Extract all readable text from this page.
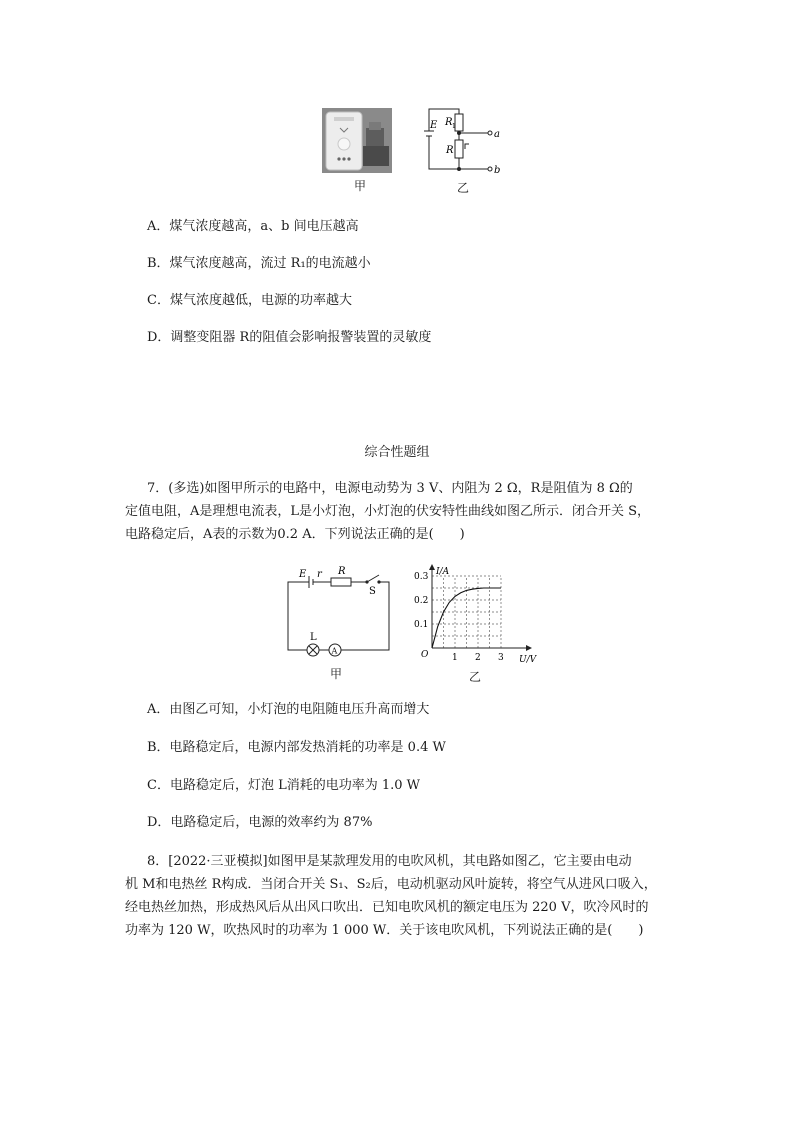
甲
E R 1
R
a
b
乙
A．煤气浓度越高，a、b 间电压越高
B．煤气浓度越高，流过 R₁的电流越小
C．煤气浓度越低，电源的功率越大
D．调整变阻器 R的阻值会影响报警装置的灵敏度
综合性题组

7．(多选)如图甲所示的电路中，电源电动势为 3 V、内阻为 2 Ω，R是阻值为 8 Ω的

定值电阻，A是理想电流表，L是小灯泡，小灯泡的伏安特性曲线如图乙所示．闭合开关 S，

电路稳定后，A表的示数为0.2 A．下列说法正确的是(　　)

E r R
S
L
A
甲
I/A
U/V
O	1 2 3
0.1
0.2
0.3
乙
A．由图乙可知，小灯泡的电阻随电压升高而增大
B．电路稳定后，电源内部发热消耗的功率是 0.4 W
C．电路稳定后，灯泡 L消耗的电功率为 1.0 W
D．电路稳定后，电源的效率约为 87%

8．[2022·三亚模拟]如图甲是某款理发用的电吹风机，其电路如图乙，它主要由电动

机 M和电热丝 R构成．当闭合开关 S₁、S₂后，电动机驱动风叶旋转，将空气从进风口吸入，

经电热丝加热，形成热风后从出风口吹出．已知电吹风机的额定电压为 220 V，吹冷风时的

功率为 120 W，吹热风时的功率为 1 000 W．关于该电吹风机，下列说法正确的是(　　)
